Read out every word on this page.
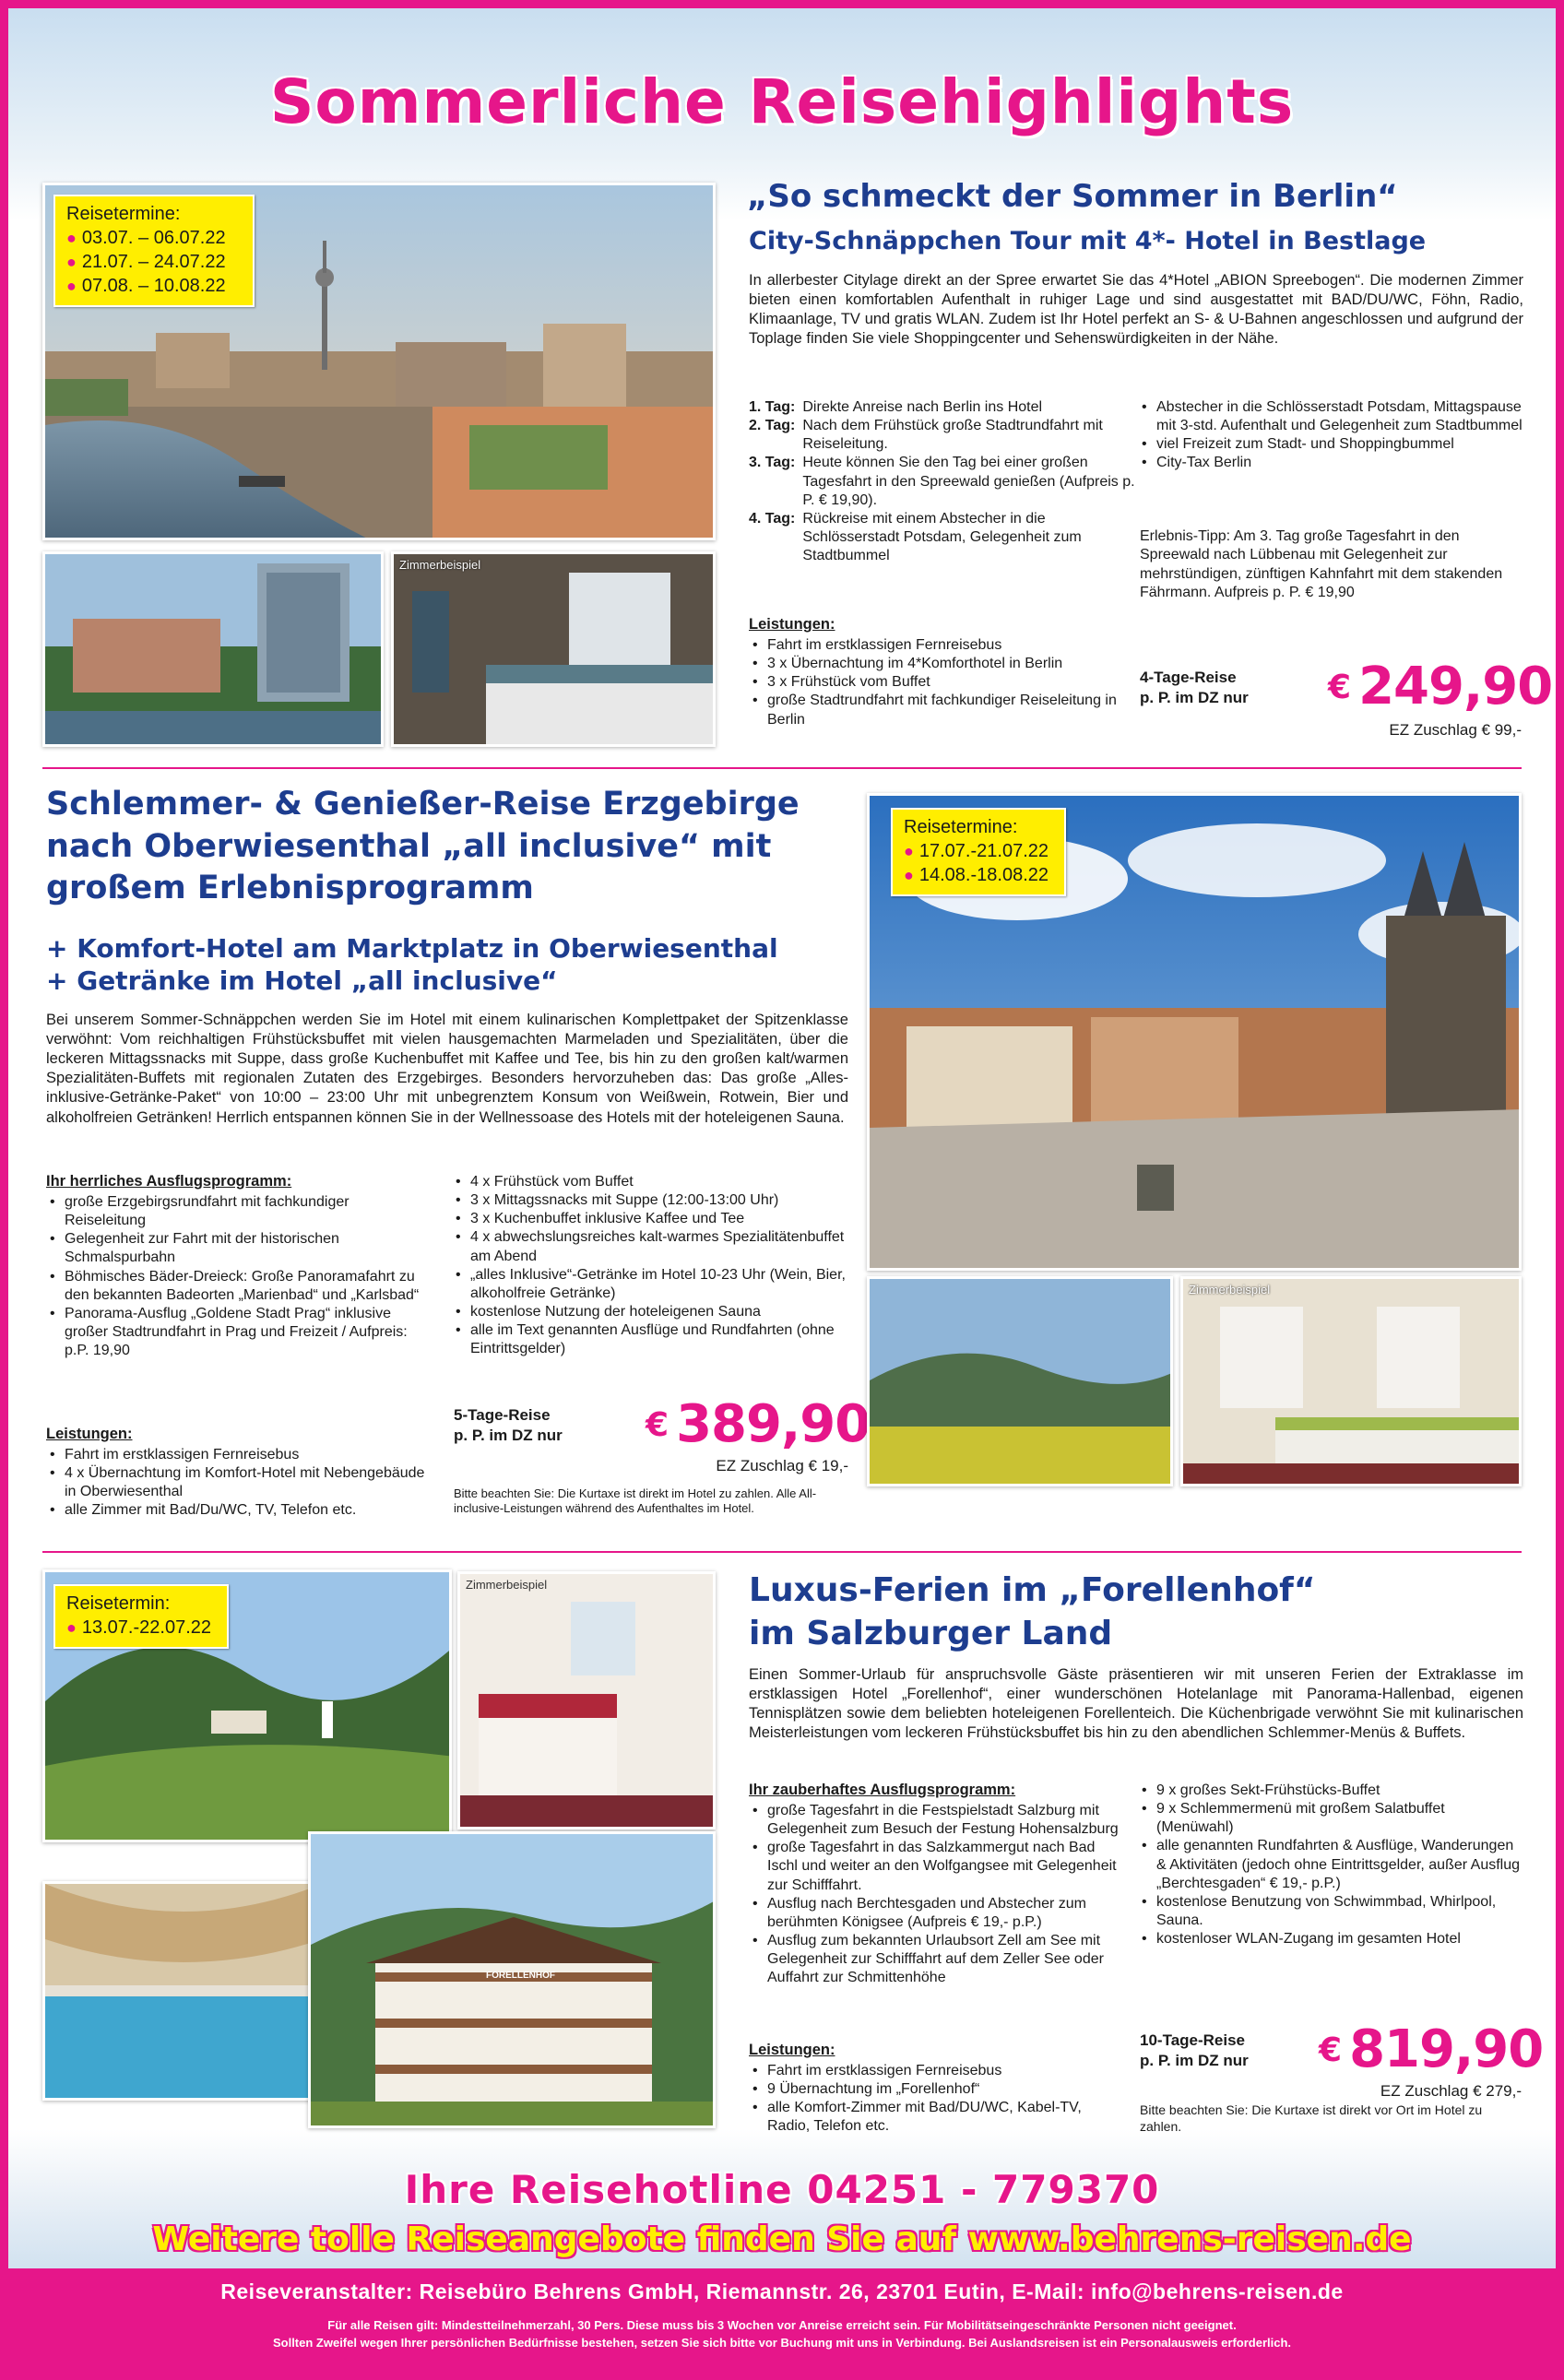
Sommerliche Reisehighlights
Reisetermine:
● 03.07. – 06.07.22
● 21.07. – 24.07.22
● 07.08. – 10.08.22
Zimmerbeispiel
„So schmeckt der Sommer in Berlin“
City-Schnäppchen Tour mit 4*- Hotel in Bestlage
In allerbester Citylage direkt an der Spree erwartet Sie das 4*Hotel „ABION Spreebogen“. Die modernen Zimmer bieten einen komfortablen Aufenthalt in ruhiger Lage und sind ausgestattet mit BAD/DU/WC, Föhn, Radio, Klimaanlage, TV und gratis WLAN. Zudem ist Ihr Hotel perfekt an S- & U-Bahnen angeschlossen und aufgrund der Toplage finden Sie viele Shoppingcenter und Sehenswürdigkeiten in der Nähe.
1. Tag:	Direkte Anreise nach Berlin ins Hotel
2. Tag:	Nach dem Frühstück große Stadtrundfahrt mit Reiseleitung.
3. Tag:	Heute können Sie den Tag bei einer großen Tagesfahrt in den Spreewald genießen (Aufpreis p. P. € 19,90).
4. Tag:	Rückreise mit einem Abstecher in die Schlösserstadt Potsdam, Gelegenheit zum Stadtbummel
• Abstecher in die Schlösserstadt Potsdam, Mittagspause mit 3-std. Aufenthalt und Gelegenheit zum Stadtbummel
• viel Freizeit zum Stadt- und Shoppingbummel
• City-Tax Berlin
Erlebnis-Tipp: Am 3. Tag große Tagesfahrt in den Spreewald nach Lübbenau mit Gelegenheit zur mehrstündigen, zünftigen Kahnfahrt mit dem stakenden Fährmann. Aufpreis p. P. € 19,90
Leistungen:
• Fahrt im erstklassigen Fernreisebus
• 3 x Übernachtung im 4*Komforthotel in Berlin
• 3 x Frühstück vom Buffet
• große Stadtrundfahrt mit fachkundiger Reiseleitung in Berlin
4-Tage-Reise
p. P. im DZ nur € 249,90
EZ Zuschlag € 99,-
Schlemmer- & Genießer-Reise Erzgebirge
nach Oberwiesenthal „all inclusive“ mit
großem Erlebnisprogramm
+ Komfort-Hotel am Marktplatz in Oberwiesenthal
+ Getränke im Hotel „all inclusive“
Bei unserem Sommer-Schnäppchen werden Sie im Hotel mit einem kulinarischen Komplettpaket der Spitzenklasse verwöhnt: Vom reichhaltigen Frühstücksbuffet mit vielen hausgemachten Marmeladen und Spezialitäten, über die leckeren Mittagssnacks mit Suppe, dass große Kuchenbuffet mit Kaffee und Tee, bis hin zu den großen kalt/warmen Spezialitäten-Buffets mit regionalen Zutaten des Erzgebirges. Besonders hervorzuheben das: Das große „Alles-inklusive-Getränke-Paket“ von 10:00 – 23:00 Uhr mit unbegrenztem Konsum von Weißwein, Rotwein, Bier und alkoholfreien Getränken! Herrlich entspannen können Sie in der Wellnessoase des Hotels mit der hoteleigenen Sauna.
Ihr herrliches Ausflugsprogramm:
• große Erzgebirgsrundfahrt mit fachkundiger Reiseleitung
• Gelegenheit zur Fahrt mit der historischen Schmalspurbahn
• Böhmisches Bäder-Dreieck: Große Panoramafahrt zu den bekannten Badeorten „Marienbad“ und „Karlsbad“
• Panorama-Ausflug „Goldene Stadt Prag“ inklusive großer Stadtrundfahrt in Prag und Freizeit / Aufpreis: p.P. 19,90
Leistungen:
• Fahrt im erstklassigen Fernreisebus
• 4 x Übernachtung im Komfort-Hotel mit Nebengebäude in Oberwiesenthal
• alle Zimmer mit Bad/Du/WC, TV, Telefon etc.
• 4 x Frühstück vom Buffet
• 3 x Mittagssnacks mit Suppe (12:00-13:00 Uhr)
• 3 x Kuchenbuffet inklusive Kaffee und Tee
• 4 x abwechslungsreiches kalt-warmes Spezialitätenbuffet am Abend
• „alles Inklusive“-Getränke im Hotel 10-23 Uhr (Wein, Bier, alkoholfreie Getränke)
• kostenlose Nutzung der hoteleigenen Sauna
• alle im Text genannten Ausflüge und Rundfahrten (ohne Eintrittsgelder)
5-Tage-Reise
p. P. im DZ nur	€ 389,90
EZ Zuschlag € 19,-
Bitte beachten Sie: Die Kurtaxe ist direkt im Hotel zu zahlen. Alle All-inclusive-Leistungen während des Aufenthaltes im Hotel.
Reisetermine:
● 17.07.-21.07.22
● 14.08.-18.08.22
Zimmerbeispiel
Reisetermin:
● 13.07.-22.07.22
Zimmerbeispiel
FORELLENHOF
Luxus-Ferien im „Forellenhof“
im Salzburger Land
Einen Sommer-Urlaub für anspruchsvolle Gäste präsentieren wir mit unseren Ferien der Extraklasse im erstklassigen Hotel „Forellenhof“, einer wunderschönen Hotelanlage mit Panorama-Hallenbad, eigenen Tennisplätzen sowie dem beliebten hoteleigenen Forellenteich. Die Küchenbrigade verwöhnt Sie mit kulinarischen Meisterleistungen vom leckeren Frühstücksbuffet bis hin zu den abendlichen Schlemmer-Menüs & Buffets.
Ihr zauberhaftes Ausflugsprogramm:
• große Tagesfahrt in die Festspielstadt Salzburg mit Gelegenheit zum Besuch der Festung Hohensalzburg
• große Tagesfahrt in das Salzkammergut nach Bad Ischl und weiter an den Wolfgangsee mit Gelegenheit zur Schifffahrt.
• Ausflug nach Berchtesgaden und Abstecher zum berühmten Königsee (Aufpreis € 19,- p.P.)
• Ausflug zum bekannten Urlaubsort Zell am See mit Gelegenheit zur Schifffahrt auf dem Zeller See oder Auffahrt zur Schmittenhöhe
Leistungen:
• Fahrt im erstklassigen Fernreisebus
• 9 Übernachtung im „Forellenhof“
• alle Komfort-Zimmer mit Bad/DU/WC, Kabel-TV, Radio, Telefon etc.
• 9 x großes Sekt-Frühstücks-Buffet
• 9 x Schlemmermenü mit großem Salatbuffet (Menüwahl)
• alle genannten Rundfahrten & Ausflüge, Wanderungen & Aktivitäten (jedoch ohne Eintrittsgelder, außer Ausflug „Berchtesgaden“ € 19,- p.P.)
• kostenlose Benutzung von Schwimmbad, Whirlpool, Sauna.
• kostenloser WLAN-Zugang im gesamten Hotel
10-Tage-Reise
p. P. im DZ nur € 819,90
EZ Zuschlag € 279,-
Bitte beachten Sie: Die Kurtaxe ist direkt vor Ort im Hotel zu zahlen.
Ihre Reisehotline 04251 - 779370
Weitere tolle Reiseangebote finden Sie auf www.behrens-reisen.de
Reiseveranstalter: Reisebüro Behrens GmbH, Riemannstr. 26, 23701 Eutin, E-Mail: info@behrens-reisen.de
Für alle Reisen gilt: Mindestteilnehmerzahl, 30 Pers. Diese muss bis 3 Wochen vor Anreise erreicht sein. Für Mobilitätseingeschränkte Personen nicht geeignet.
Sollten Zweifel wegen Ihrer persönlichen Bedürfnisse bestehen, setzen Sie sich bitte vor Buchung mit uns in Verbindung. Bei Auslandsreisen ist ein Personalausweis erforderlich.
